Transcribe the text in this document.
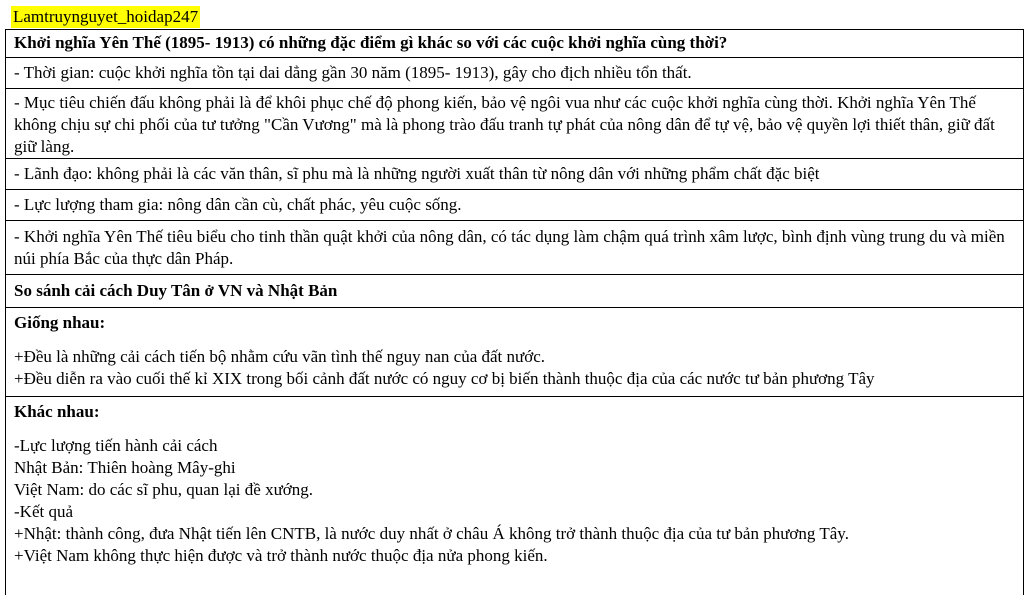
Lamtruynguyet_hoidap247
Khởi nghĩa Yên Thế (1895- 1913) có những đặc điểm gì khác so với các cuộc khởi nghĩa cùng thời?
- Thời gian: cuộc khởi nghĩa tồn tại dai dẳng gần 30 năm (1895- 1913), gây cho địch nhiều tổn thất.
- Mục tiêu chiến đấu không phải là để khôi phục chế độ phong kiến, bảo vệ ngôi vua như các cuộc khởi nghĩa cùng thời. Khởi nghĩa Yên Thế không chịu sự chi phối của tư tưởng "Cần Vương" mà là phong trào đấu tranh tự phát của nông dân để tự vệ, bảo vệ quyền lợi thiết thân, giữ đất giữ làng.
- Lãnh đạo: không phải là các văn thân, sĩ phu mà là những người xuất thân từ nông dân với những phẩm chất đặc biệt
- Lực lượng tham gia: nông dân cần cù, chất phác, yêu cuộc sống.
- Khởi nghĩa Yên Thế tiêu biểu cho tinh thần quật khởi của nông dân, có tác dụng làm chậm quá trình xâm lược, bình định vùng trung du và miền núi phía Bắc của thực dân Pháp.
So sánh cải cách Duy Tân ở VN và Nhật Bản
Giống nhau:
+Đều là những cải cách tiến bộ nhằm cứu vãn tình thế nguy nan của đất nước.
+Đều diễn ra vào cuối thế kỉ XIX trong bối cảnh đất nước có nguy cơ bị biến thành thuộc địa của các nước tư bản phương Tây
Khác nhau:
-Lực lượng tiến hành cải cách
Nhật Bản: Thiên hoàng Mây-ghi
Việt Nam: do các sĩ phu, quan lại đề xướng.
-Kết quả
+Nhật: thành công, đưa Nhật tiến lên CNTB, là nước duy nhất ở châu Á không trở thành thuộc địa của tư bản phương Tây.
+Việt Nam không thực hiện được và trở thành nước thuộc địa nửa phong kiến.
